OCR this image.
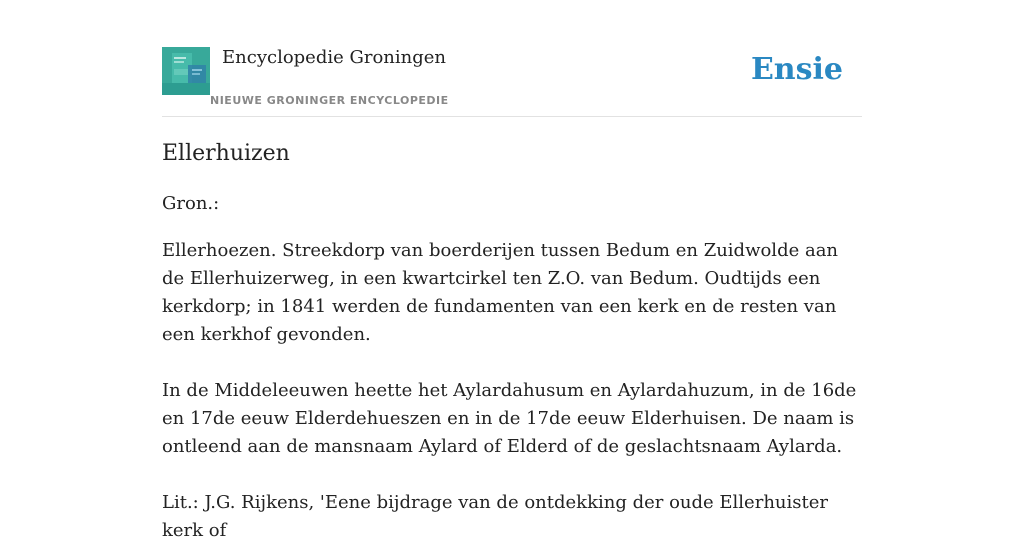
Encyclopedie Groningen
NIEUWE GRONINGER ENCYCLOPEDIE
Ensie
Ellerhuizen

Gron.:

Ellerhoezen. Streekdorp van boerderijen tussen Bedum en Zuidwolde aan de Ellerhuizerweg, in een kwartcirkel ten Z.O. van Bedum. Oudtijds een kerkdorp; in 1841 werden de fundamenten van een kerk en de resten van een kerkhof gevonden.

In de Middeleeuwen heette het Aylardahusum en Aylardahuzum, in de 16de en 17de eeuw Elderdehueszen en in de 17de eeuw Elderhuisen. De naam is ontleend aan de mansnaam Aylard of Elderd of de geslachtsnaam Aylarda.

Lit.: J.G. Rijkens, 'Eene bijdrage van de ontdekking der oude Ellerhuister kerk of
